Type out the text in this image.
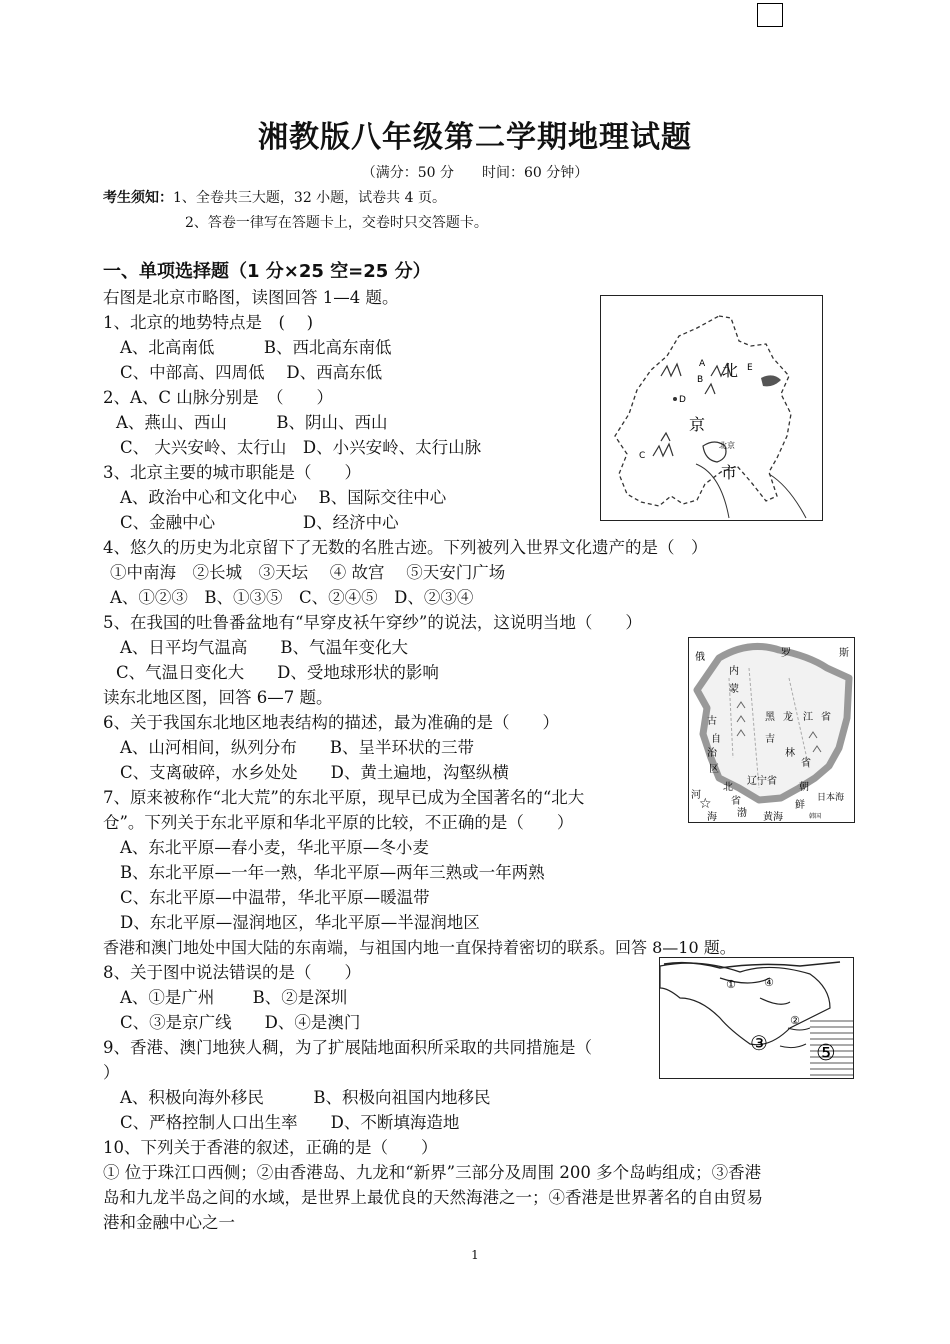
湘教版八年级第二学期地理试题
（满分：50 分　　时间：60 分钟）
考生须知：1、全卷共三大题，32 小题，试卷共 4 页。
2、答卷一律写在答题卡上，交卷时只交答题卡。
一、单项选择题（1 分×25 空=25 分）
右图是北京市略图，读图回答 1—4 题。
1、北京的地势特点是　(　 )
A、北高南低　　　B、西北高东南低
C、中部高、四周低　 D、西高东低
2、A、C 山脉分别是　（　　）
A、燕山、西山　　　B、阴山、西山
C、 大兴安岭、太行山　D、小兴安岭、太行山脉
3、北京主要的城市职能是（　　）
A、政治中心和文化中心　 B、国际交往中心
C、金融中心　　　　　 D、经济中心
4、悠久的历史为北京留下了无数的名胜古迹。下列被列入世界文化遗产的是（　）
①中南海　②长城　③天坛　 ④ 故宫　 ⑤天安门广场
A、①②③　B、①③⑤　C、②④⑤　D、②③④
5、在我国的吐鲁番盆地有“早穿皮袄午穿纱”的说法，这说明当地（　　）
A、日平均气温高　　B、气温年变化大
C、气温日变化大　　D、受地球形状的影响
读东北地区图，回答 6—7 题。
6、关于我国东北地区地表结构的描述，最为准确的是（　　）
A、山河相间，纵列分布　　B、呈半环状的三带
C、支离破碎，水乡处处　　D、黄土遍地，沟壑纵横
7、原来被称作“北大荒”的东北平原，现早已成为全国著名的“北大
仓”。下列关于东北平原和华北平原的比较，不正确的是（　　）
A、东北平原—春小麦，华北平原—冬小麦
B、东北平原—一年一熟，华北平原—两年三熟或一年两熟
C、东北平原—中温带，华北平原—暖温带
D、东北平原—湿润地区，华北平原—半湿润地区
香港和澳门地处中国大陆的东南端，与祖国内地一直保持着密切的联系。回答 8—10 题。
8、关于图中说法错误的是（　　）
A、①是广州　　 B、②是深圳
C、③是京广线　　D、④是澳门
9、香港、澳门地狭人稠，为了扩展陆地面积所采取的共同措施是（
）
A、积极向海外移民　　　B、积极向祖国内地移民
C、严格控制人口出生率　　D、不断填海造地
10、下列关于香港的叙述，正确的是（　　）
① 位于珠江口西侧；②由香港岛、九龙和“新界”三部分及周围 200 多个岛屿组成；③香港
岛和九龙半岛之间的水域，是世界上最优良的天然海港之一；④香港是世界著名的自由贸易
港和金融中心之一
北
京
市
北京
A
B
C
D
E
俄	罗	斯
内
蒙
古
自
治
区
黑 龙 江 省
吉
林
省
辽宁省
北
省
河
渤
海	黄海
朝
鲜
日本海
韩国
☆
①
②
③
④
⑤
1
